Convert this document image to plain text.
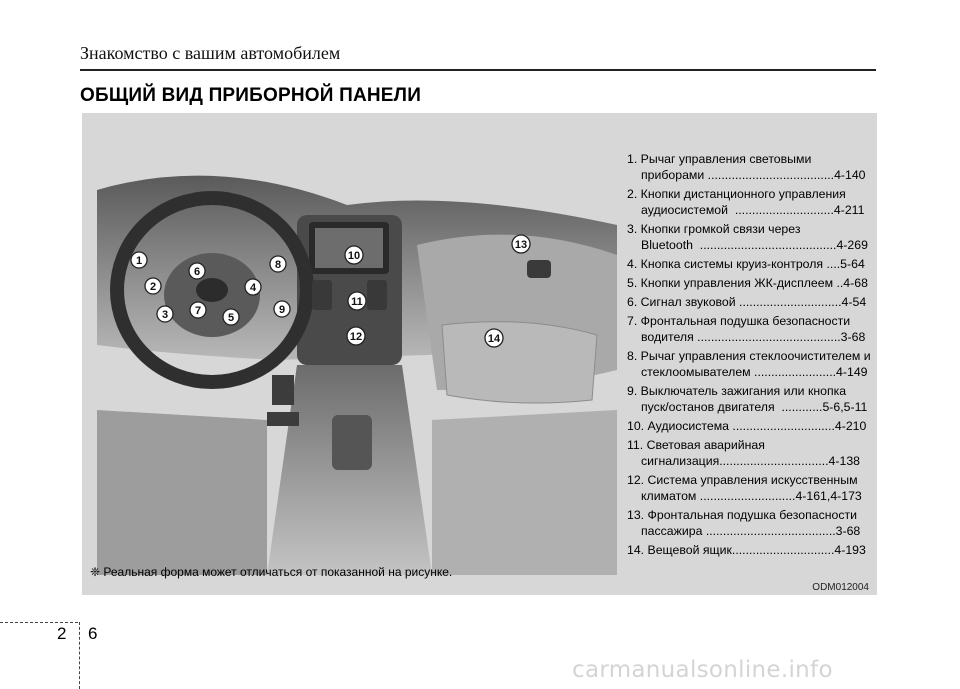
Знакомство с вашим автомобилем
ОБЩИЙ ВИД ПРИБОРНОЙ ПАНЕЛИ
1
2
3
4
5
6
7
8
9
10
11
12
13
14
1. Рычаг управления световыми
приборами .....................................4-140
2. Кнопки дистанционного управления
аудиосистемой  .............................4-211
3. Кнопки громкой связи через
Bluetooth  ........................................4-269
4. Кнопка системы круиз-контроля ....5-64
5. Кнопки управления ЖК-дисплеем ..4-68
6. Сигнал звуковой ..............................4-54
7. Фронтальная подушка безопасности
водителя ..........................................3-68
8. Рычаг управления стеклоочистителем и
стеклоомывателем ........................4-149
9. Выключатель зажигания или кнопка
пуск/останов двигателя  ............5-6,5-11
10. Аудиосистема ..............................4-210
11. Световая аварийная
сигнализация................................4-138
12. Система управления искусственным
климатом ............................4-161,4-173
13. Фронтальная подушка безопасности
пассажира ......................................3-68
14. Вещевой ящик..............................4-193
❈ Реальная форма может отличаться от показанной на рисунке.
ODM012004
2 6
carmanualsonline.info
